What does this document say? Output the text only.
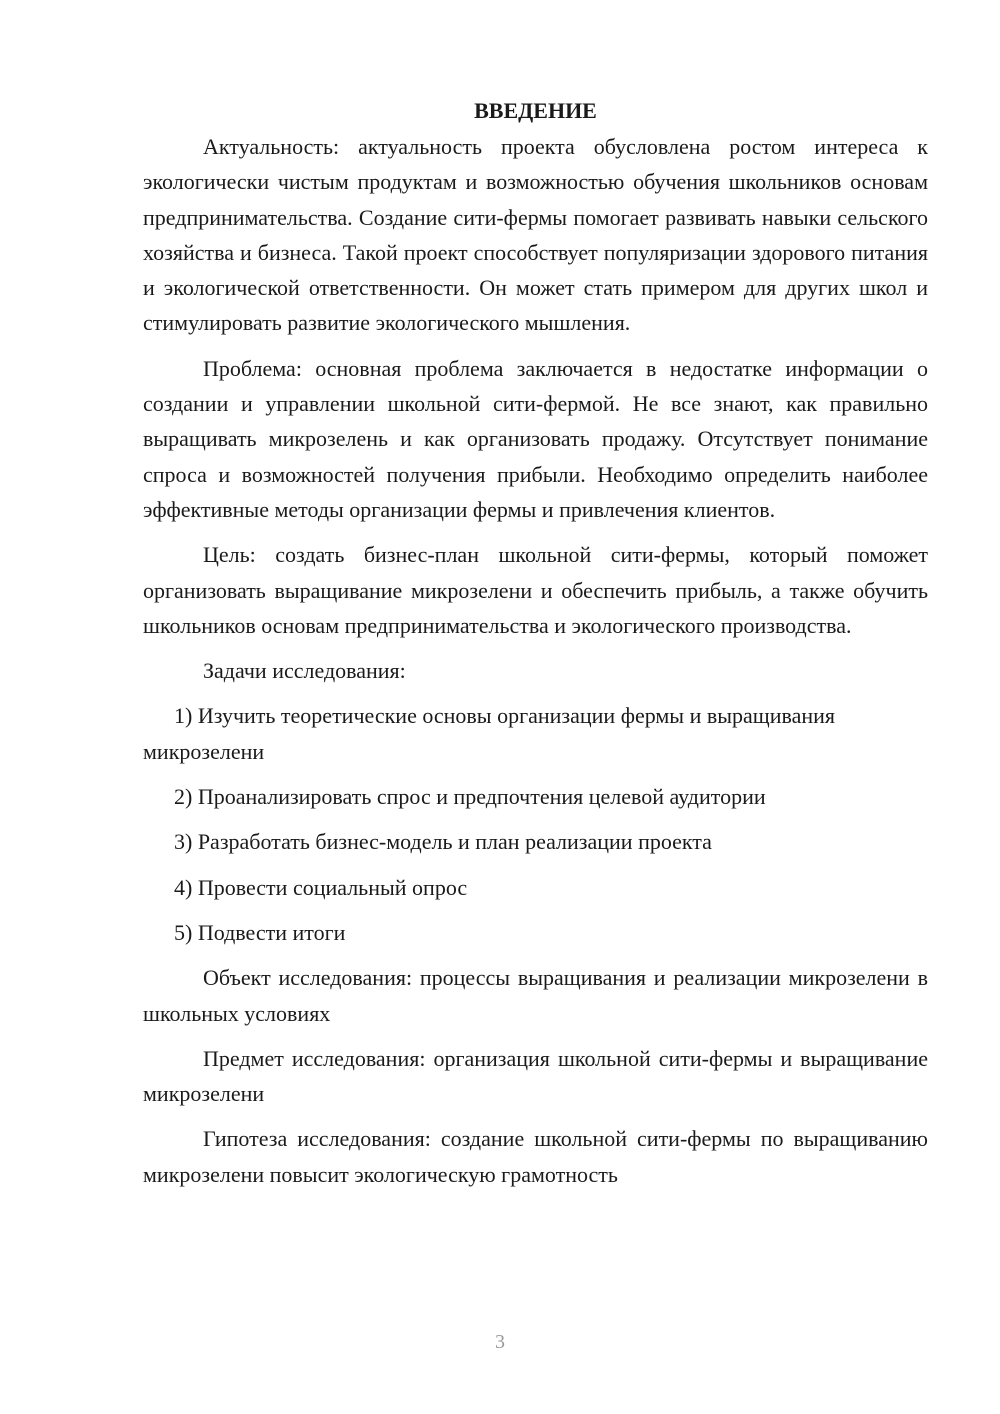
ВВЕДЕНИЕ

Актуальность: актуальность проекта обусловлена ростом интереса к экологически чистым продуктам и возможностью обучения школьников основам предпринимательства. Создание сити-фермы помогает развивать навыки сельского хозяйства и бизнеса. Такой проект способствует популяризации здорового питания и экологической ответственности. Он может стать примером для других школ и стимулировать развитие экологического мышления.

Проблема: основная проблема заключается в недостатке информации о создании и управлении школьной сити-фермой. Не все знают, как правильно выращивать микрозелень и как организовать продажу. Отсутствует понимание спроса и возможностей получения прибыли. Необходимо определить наиболее эффективные методы организации фермы и привлечения клиентов.

Цель: создать бизнес-план школьной сити-фермы, который поможет организовать выращивание микрозелени и обеспечить прибыль, а также обучить школьников основам предпринимательства и экологического производства.

Задачи исследования:

1) Изучить теоретические основы организации фермы и выращивания микрозелени

2) Проанализировать спрос и предпочтения целевой аудитории

3) Разработать бизнес-модель и план реализации проекта

4) Провести социальный опрос

5) Подвести итоги

Объект исследования: процессы выращивания и реализации микрозелени в школьных условиях

Предмет исследования: организация школьной сити-фермы и выращивание микрозелени

Гипотеза исследования: создание школьной сити-фермы по выращиванию микрозелени повысит экологическую грамотность

3
